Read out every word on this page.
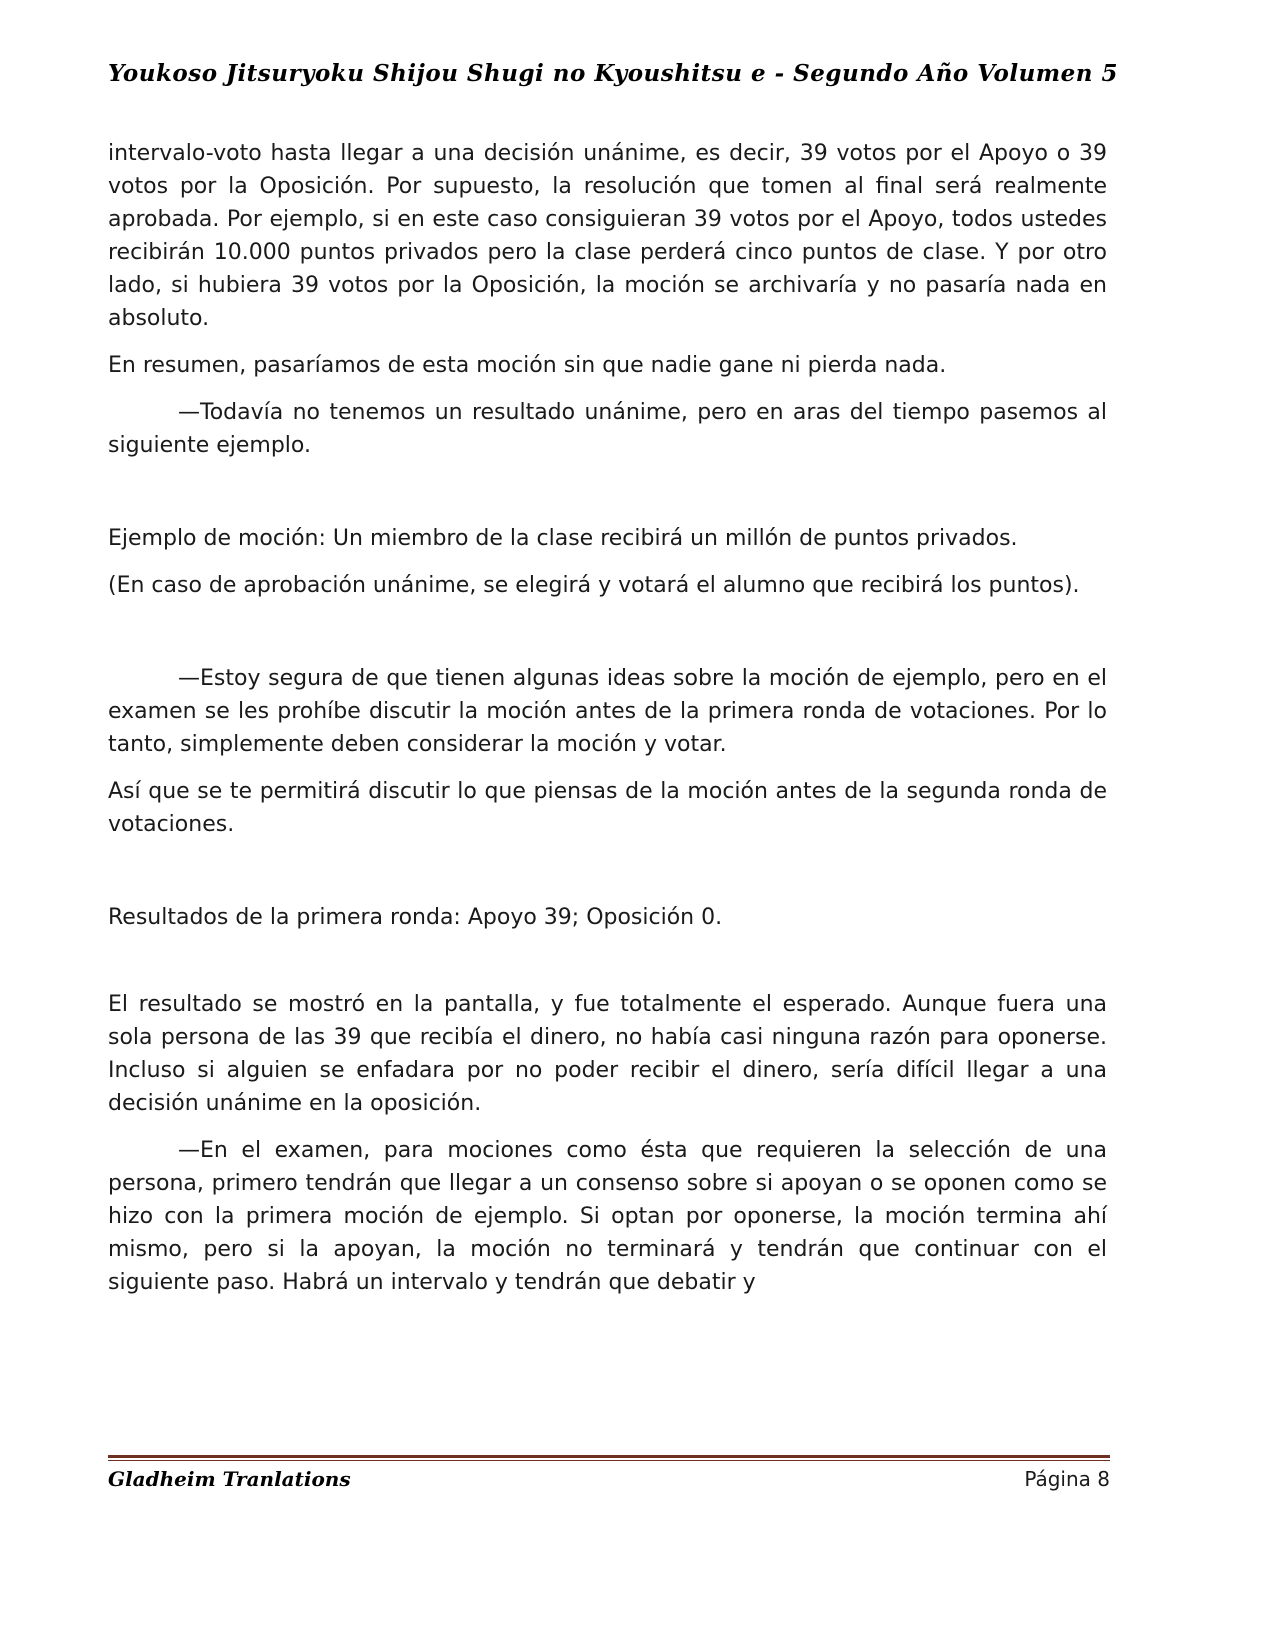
Youkoso Jitsuryoku Shijou Shugi no Kyoushitsu e - Segundo Año Volumen 5

intervalo-voto hasta llegar a una decisión unánime, es decir, 39 votos por el Apoyo o 39 votos por la Oposición. Por supuesto, la resolución que tomen al final será realmente aprobada. Por ejemplo, si en este caso consiguieran 39 votos por el Apoyo, todos ustedes recibirán 10.000 puntos privados pero la clase perderá cinco puntos de clase. Y por otro lado, si hubiera 39 votos por la Oposición, la moción se archivaría y no pasaría nada en absoluto.

En resumen, pasaríamos de esta moción sin que nadie gane ni pierda nada.

—Todavía no tenemos un resultado unánime, pero en aras del tiempo pasemos al siguiente ejemplo.

Ejemplo de moción: Un miembro de la clase recibirá un millón de puntos privados.

(En caso de aprobación unánime, se elegirá y votará el alumno que recibirá los puntos).

—Estoy segura de que tienen algunas ideas sobre la moción de ejemplo, pero en el examen se les prohíbe discutir la moción antes de la primera ronda de votaciones. Por lo tanto, simplemente deben considerar la moción y votar.

Así que se te permitirá discutir lo que piensas de la moción antes de la segunda ronda de votaciones.

Resultados de la primera ronda: Apoyo 39; Oposición 0.

El resultado se mostró en la pantalla, y fue totalmente el esperado. Aunque fuera una sola persona de las 39 que recibía el dinero, no había casi ninguna razón para oponerse. Incluso si alguien se enfadara por no poder recibir el dinero, sería difícil llegar a una decisión unánime en la oposición.

—En el examen, para mociones como ésta que requieren la selección de una persona, primero tendrán que llegar a un consenso sobre si apoyan o se oponen como se hizo con la primera moción de ejemplo. Si optan por oponerse, la moción termina ahí mismo, pero si la apoyan, la moción no terminará y tendrán que continuar con el siguiente paso. Habrá un intervalo y tendrán que debatir y

Gladheim Tranlations	Página 8
